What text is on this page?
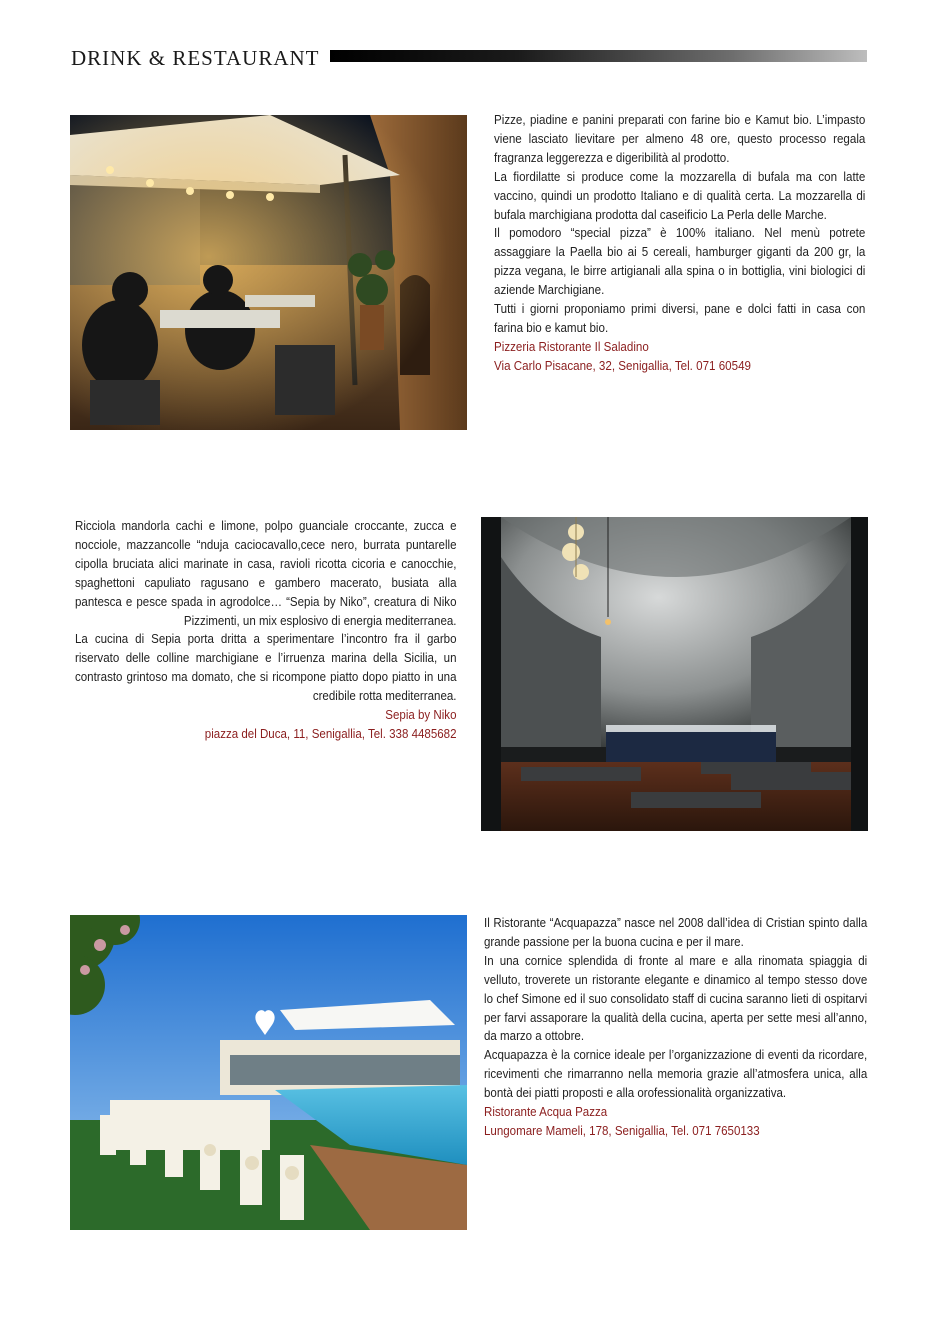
DRINK & RESTAURANT

Pizze, piadine e panini preparati con farine bio e Kamut bio. L’impasto viene lasciato lievitare per almeno 48 ore, questo processo regala fragranza leggerezza e digeribilità al prodotto.

La fiordilatte si produce come la mozzarella di bufala ma con latte vaccino, quindi un prodotto Italiano e di qualità certa. La mozzarella di bufala marchigiana prodotta dal caseificio La Perla delle Marche.

Il pomodoro “special pizza” è 100% italiano. Nel menù potrete assaggiare la Paella bio ai 5 cereali, hamburger giganti da 200 gr, la pizza vegana, le birre artigianali alla spina o in bottiglia, vini biologici di aziende Marchigiane.

Tutti i giorni proponiamo primi diversi, pane e dolci fatti in casa con farina bio e kamut bio.

Pizzeria Ristorante Il Saladino

Via Carlo Pisacane, 32, Senigallia, Tel. 071 60549

Ricciola mandorla cachi e limone, polpo guanciale croccante, zucca e nocciole, mazzancolle “nduja caciocavallo,cece nero, burrata puntarelle cipolla bruciata alici marinate in casa, ravioli ricotta cicoria e canocchie, spaghettoni capuliato ragusano e gambero macerato, busiata alla pantesca e pesce spada in agrodolce… “Sepia by Niko”, creatura di Niko Pizzimenti, un mix esplosivo di energia mediterranea.

La cucina di Sepia porta dritta a sperimentare l’incontro fra il garbo riservato delle colline marchigiane e l’irruenza marina della Sicilia, un contrasto grintoso ma domato, che si ricompone piatto dopo piatto in una credibile rotta mediterranea.

Sepia by Niko

piazza del Duca, 11, Senigallia, Tel. 338 4485682

Il Ristorante “Acquapazza” nasce nel 2008 dall’idea di Cristian spinto dalla grande passione per la buona cucina e per il mare.

In una cornice splendida di fronte al mare e alla rinomata spiaggia di velluto, troverete un ristorante elegante e dinamico al tempo stesso dove lo chef Simone ed il suo consolidato staff di cucina saranno lieti di ospitarvi per farvi assaporare la qualità della cucina, aperta per sette mesi all’anno, da marzo a ottobre.

Acquapazza è la cornice ideale per l’organizzazione di eventi da ricordare, ricevimenti che rimarranno nella memoria grazie all’atmosfera unica, alla bontà dei piatti proposti e alla orofessionalità organizzativa.

Ristorante Acqua Pazza

Lungomare Mameli, 178, Senigallia, Tel. 071 7650133
